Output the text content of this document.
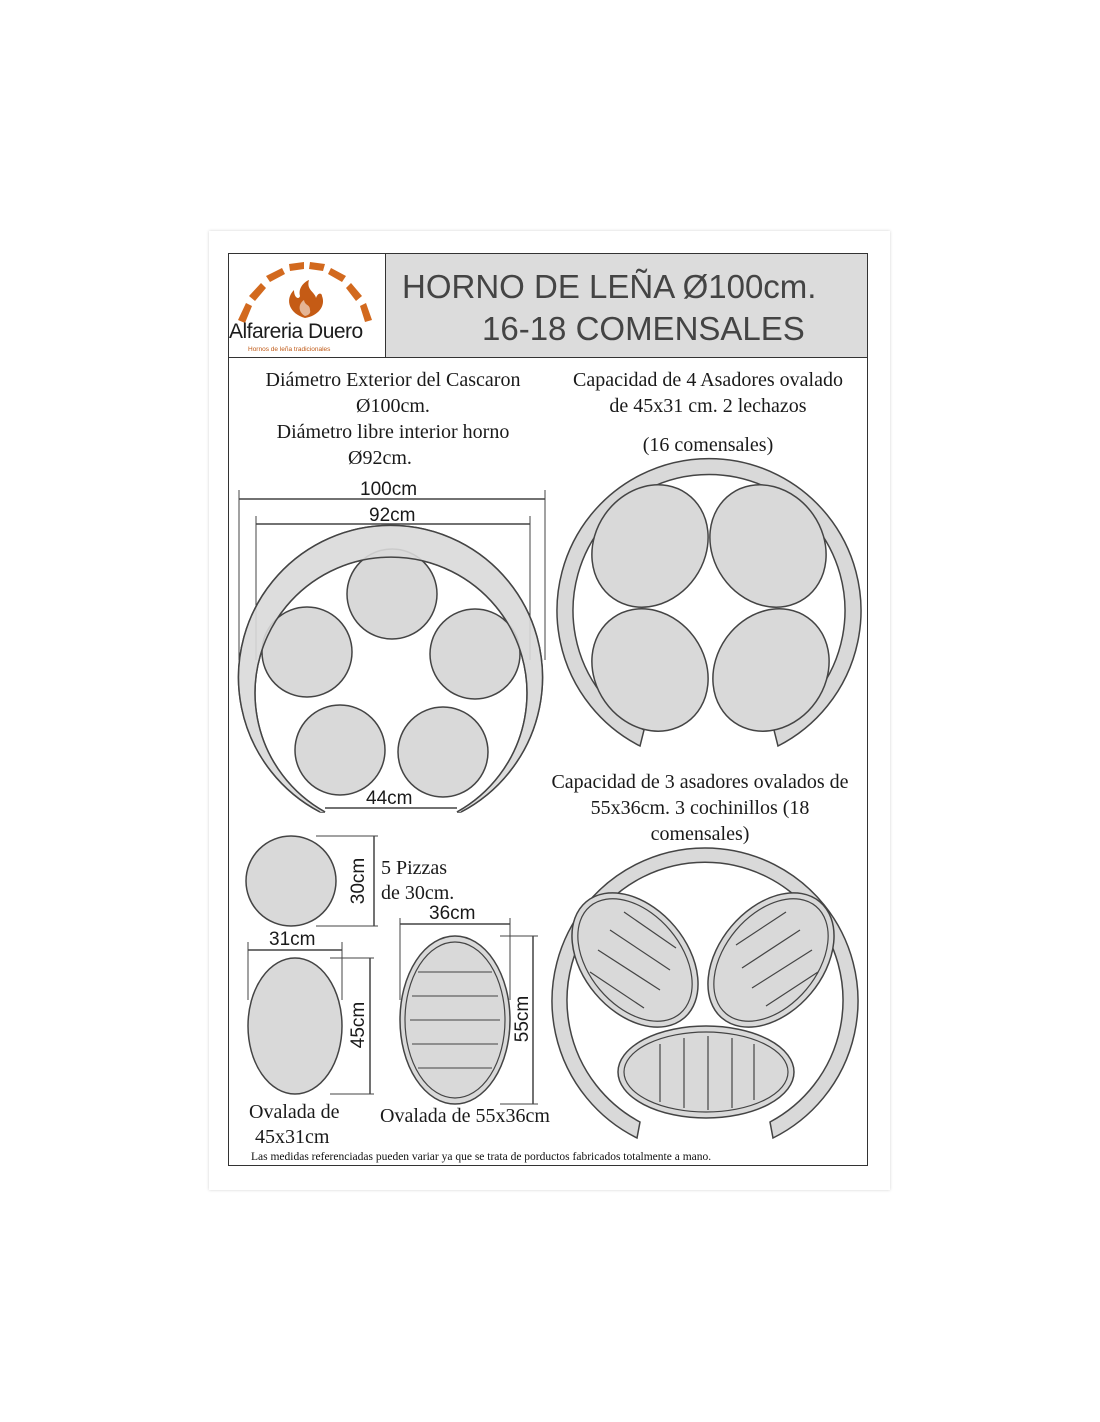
HORNO DE LEÑA Ø100cm.
16-18 COMENSALES
Alfareria Duero
Hornos de leña tradicionales
Diámetro Exterior del Cascaron
Ø100cm.
Diámetro libre interior horno
Ø92cm.
Capacidad de 4 Asadores ovalado
de 45x31 cm. 2 lechazos
(16 comensales)
100cm
92cm
44cm
30cm
31cm
45cm
36cm
55cm
Capacidad de 3 asadores ovalados de
55x36cm. 3 cochinillos (18
comensales)
5 Pizzas
de 30cm.
Ovalada de
45x31cm
Ovalada de 55x36cm
Las medidas referenciadas pueden variar ya que se trata de porductos fabricados totalmente a mano.
